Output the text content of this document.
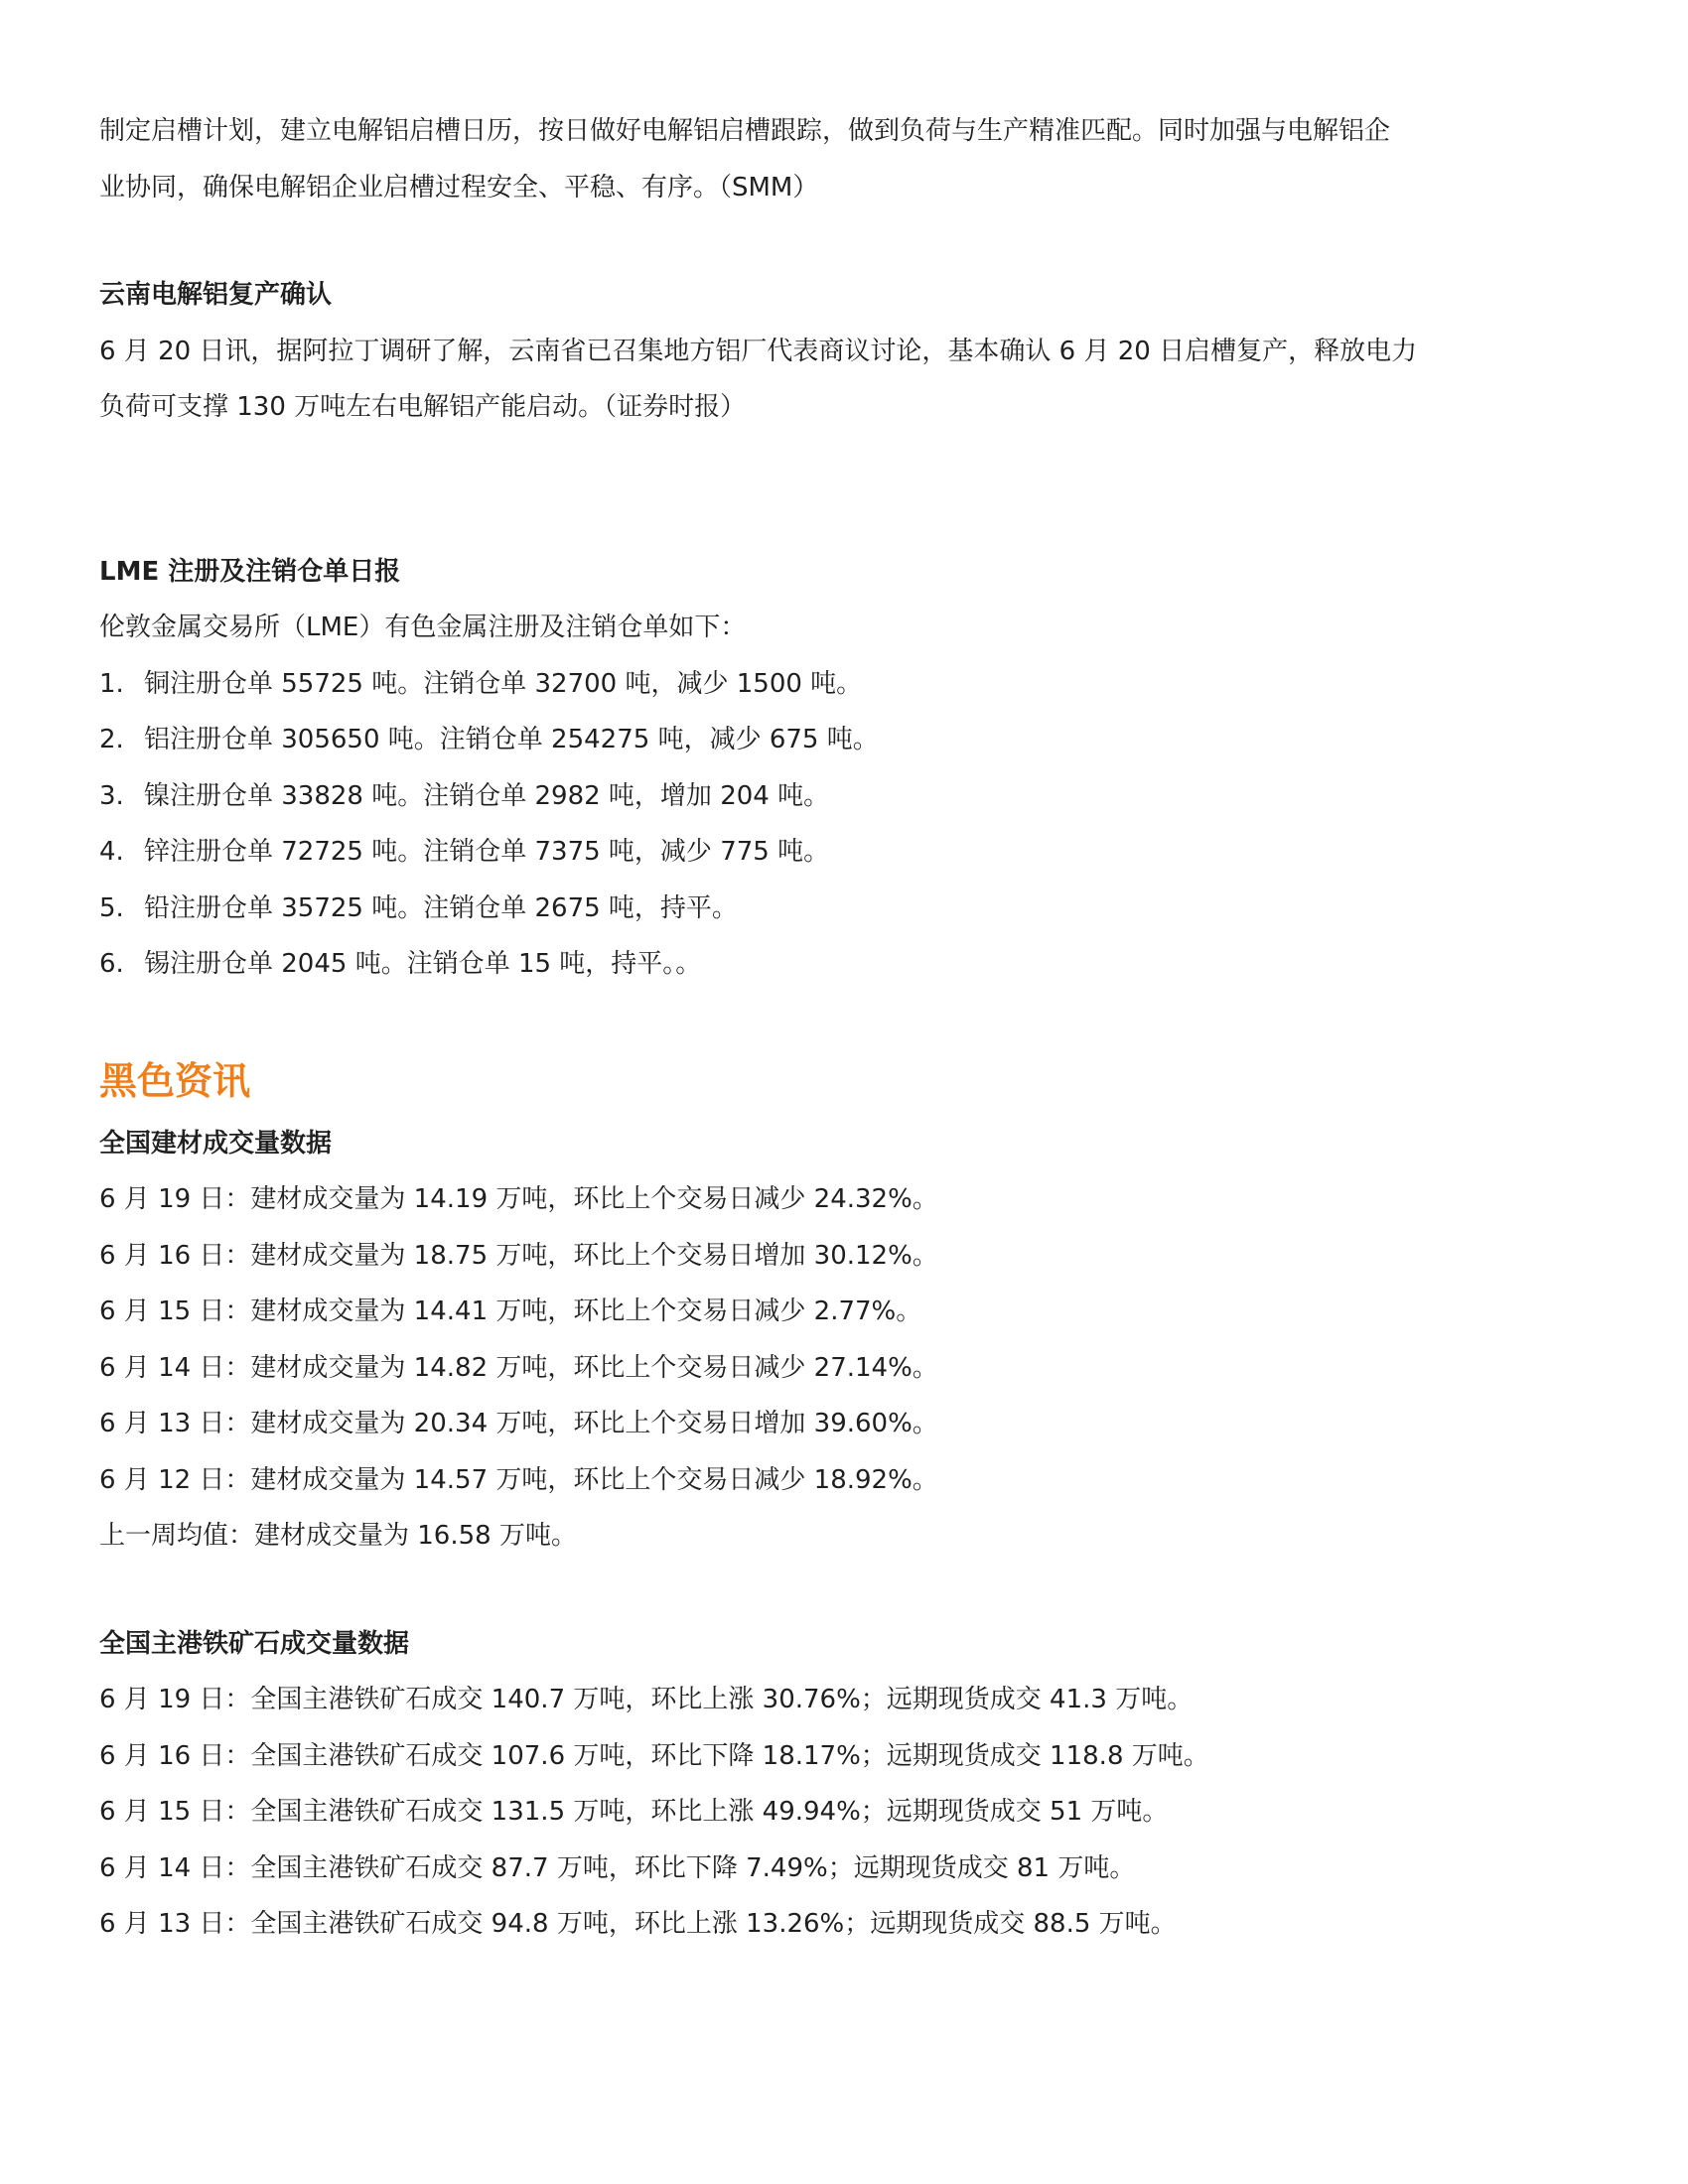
制定启槽计划，建立电解铝启槽日历，按日做好电解铝启槽跟踪，做到负荷与生产精准匹配。同时加强与电解铝企

业协同，确保电解铝企业启槽过程安全、平稳、有序。（SMM）

云南电解铝复产确认

6 月 20 日讯，据阿拉丁调研了解，云南省已召集地方铝厂代表商议讨论，基本确认 6 月 20 日启槽复产，释放电力

负荷可支撑 130 万吨左右电解铝产能启动。（证券时报）

LME 注册及注销仓单日报

伦敦金属交易所（LME）有色金属注册及注销仓单如下：

1. 铜注册仓单 55725 吨。注销仓单 32700 吨，减少 1500 吨。
2. 铝注册仓单 305650 吨。注销仓单 254275 吨，减少 675 吨。
3. 镍注册仓单 33828 吨。注销仓单 2982 吨，增加 204 吨。
4. 锌注册仓单 72725 吨。注销仓单 7375 吨，减少 775 吨。
5. 铅注册仓单 35725 吨。注销仓单 2675 吨，持平。
6. 锡注册仓单 2045 吨。注销仓单 15 吨，持平。。
黑色资讯
全国建材成交量数据

6 月 19 日：建材成交量为 14.19 万吨，环比上个交易日减少 24.32%。

6 月 16 日：建材成交量为 18.75 万吨，环比上个交易日增加 30.12%。

6 月 15 日：建材成交量为 14.41 万吨，环比上个交易日减少 2.77%。

6 月 14 日：建材成交量为 14.82 万吨，环比上个交易日减少 27.14%。

6 月 13 日：建材成交量为 20.34 万吨，环比上个交易日增加 39.60%。

6 月 12 日：建材成交量为 14.57 万吨，环比上个交易日减少 18.92%。

上一周均值：建材成交量为 16.58 万吨。

全国主港铁矿石成交量数据

6 月 19 日：全国主港铁矿石成交 140.7 万吨，环比上涨 30.76%；远期现货成交 41.3 万吨。

6 月 16 日：全国主港铁矿石成交 107.6 万吨，环比下降 18.17%；远期现货成交 118.8 万吨。

6 月 15 日：全国主港铁矿石成交 131.5 万吨，环比上涨 49.94%；远期现货成交 51 万吨。

6 月 14 日：全国主港铁矿石成交 87.7 万吨，环比下降 7.49%；远期现货成交 81 万吨。

6 月 13 日：全国主港铁矿石成交 94.8 万吨，环比上涨 13.26%；远期现货成交 88.5 万吨。
